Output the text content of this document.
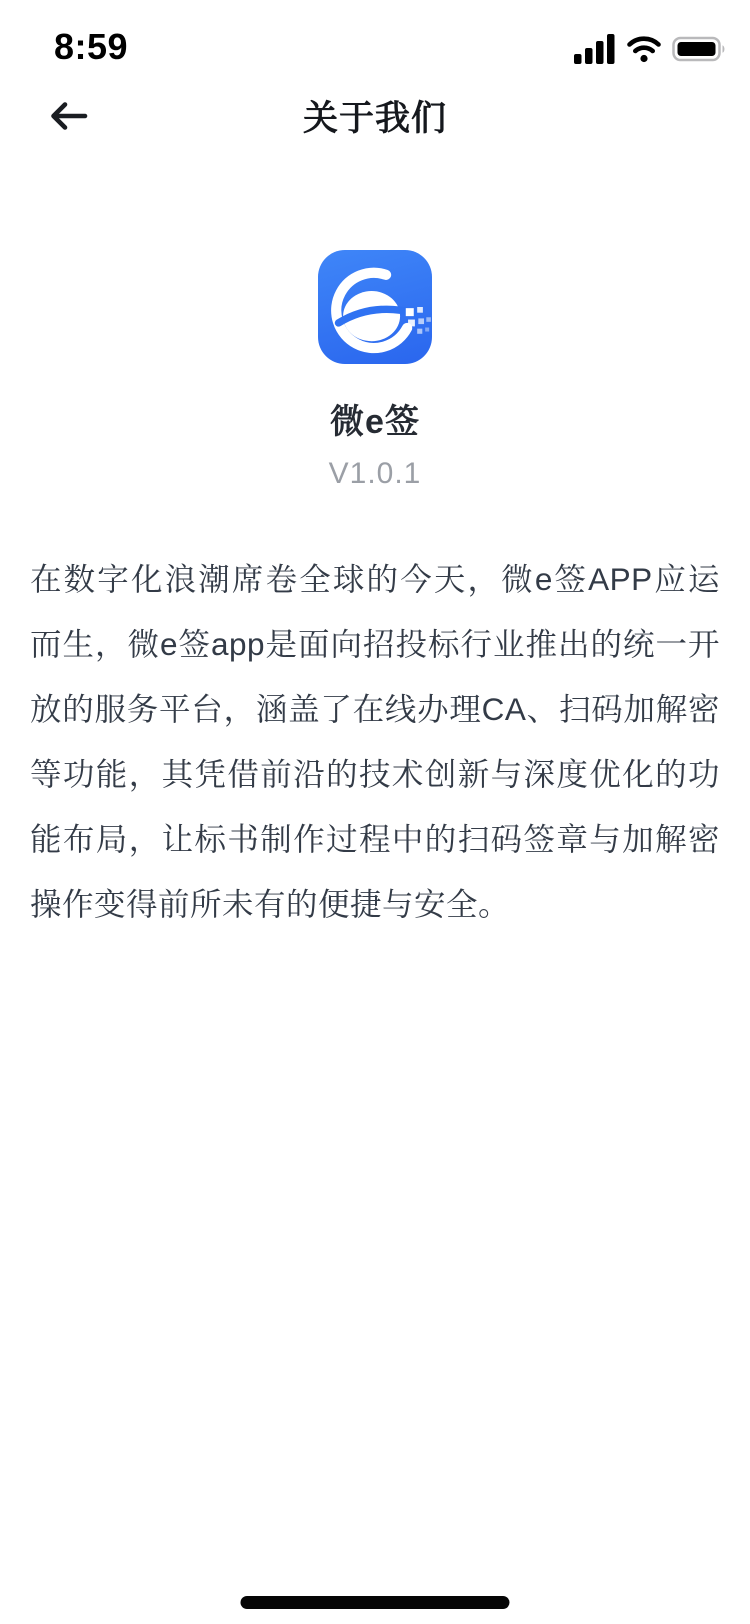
8:59
关于我们
微e签
V1.0.1

在数字化浪潮席卷全球的今天，微e签APP应运而生，微e签app是面向招投标行业推出的统一开放的服务平台，涵盖了在线办理CA、扫码加解密等功能，其凭借前沿的技术创新与深度优化的功能布局，让标书制作过程中的扫码签章与加解密操作变得前所未有的便捷与安全。
